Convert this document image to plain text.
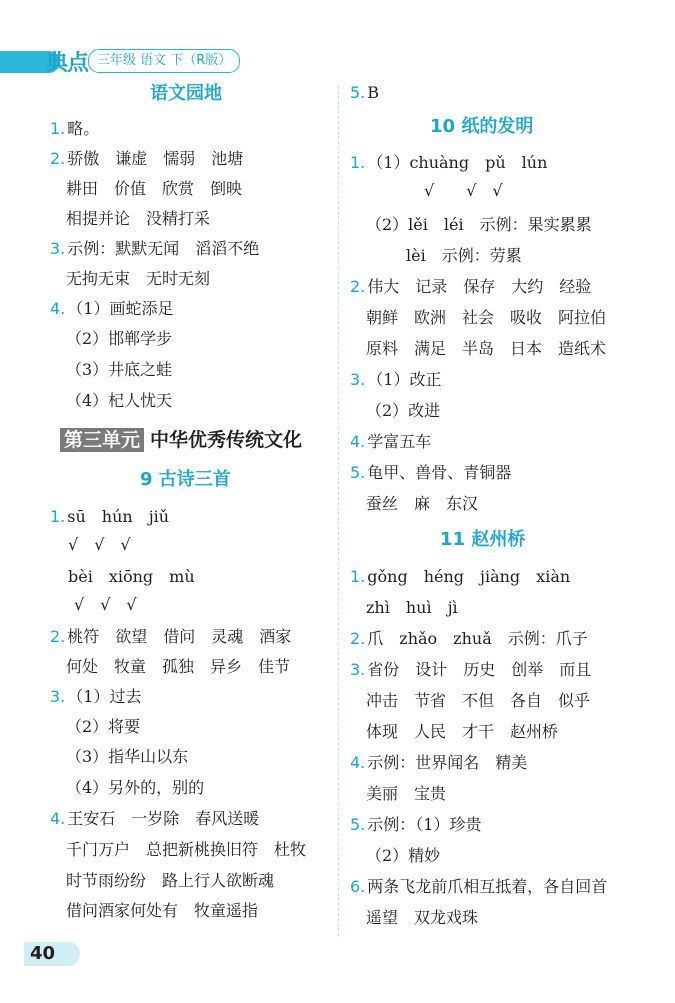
典点 三年级 语文 下（R版）
语文园地
1. 略。
2. 骄傲　谦虚　懦弱　池塘
耕田　价值　欣赏　倒映
相提并论　没精打采
3. 示例：默默无闻　滔滔不绝
无拘无束　无时无刻
4. （1）画蛇添足
（2）邯郸学步
（3）井底之蛙
（4）杞人忧天
第三单元 中华优秀传统文化
9 古诗三首
1. sū　hún　jiǔ
√　√　√
bèi　xiōng　mù
√　√　√
2. 桃符　欲望　借问　灵魂　酒家
何处　牧童　孤独　异乡　佳节
3. （1）过去
（2）将要
（3）指华山以东
（4）另外的，别的
4. 王安石　一岁除　春风送暖
千门万户　总把新桃换旧符　杜牧
时节雨纷纷　路上行人欲断魂
借问酒家何处有　牧童遥指
5. B
10 纸的发明
1. （1）chuàng　pǔ　lún
√　　√　√
（2）lěi　léi　示例：果实累累
lèi　示例：劳累
2. 伟大　记录　保存　大约　经验
朝鲜　欧洲　社会　吸收　阿拉伯
原料　满足　半岛　日本　造纸术
3. （1）改正
（2）改进
4. 学富五车
5. 龟甲、兽骨、青铜器
蚕丝　麻　东汉
11 赵州桥
1. gǒng　héng　jiàng　xiàn
zhì　huì　jì
2. 爪　zhǎo　zhuǎ　示例：爪子
3. 省份　设计　历史　创举　而且
冲击　节省　不但　各自　似乎
体现　人民　才干　赵州桥
4. 示例：世界闻名　精美
美丽　宝贵
5. 示例：（1）珍贵
（2）精妙
6. 两条飞龙前爪相互抵着，各自回首
遥望　双龙戏珠
40
